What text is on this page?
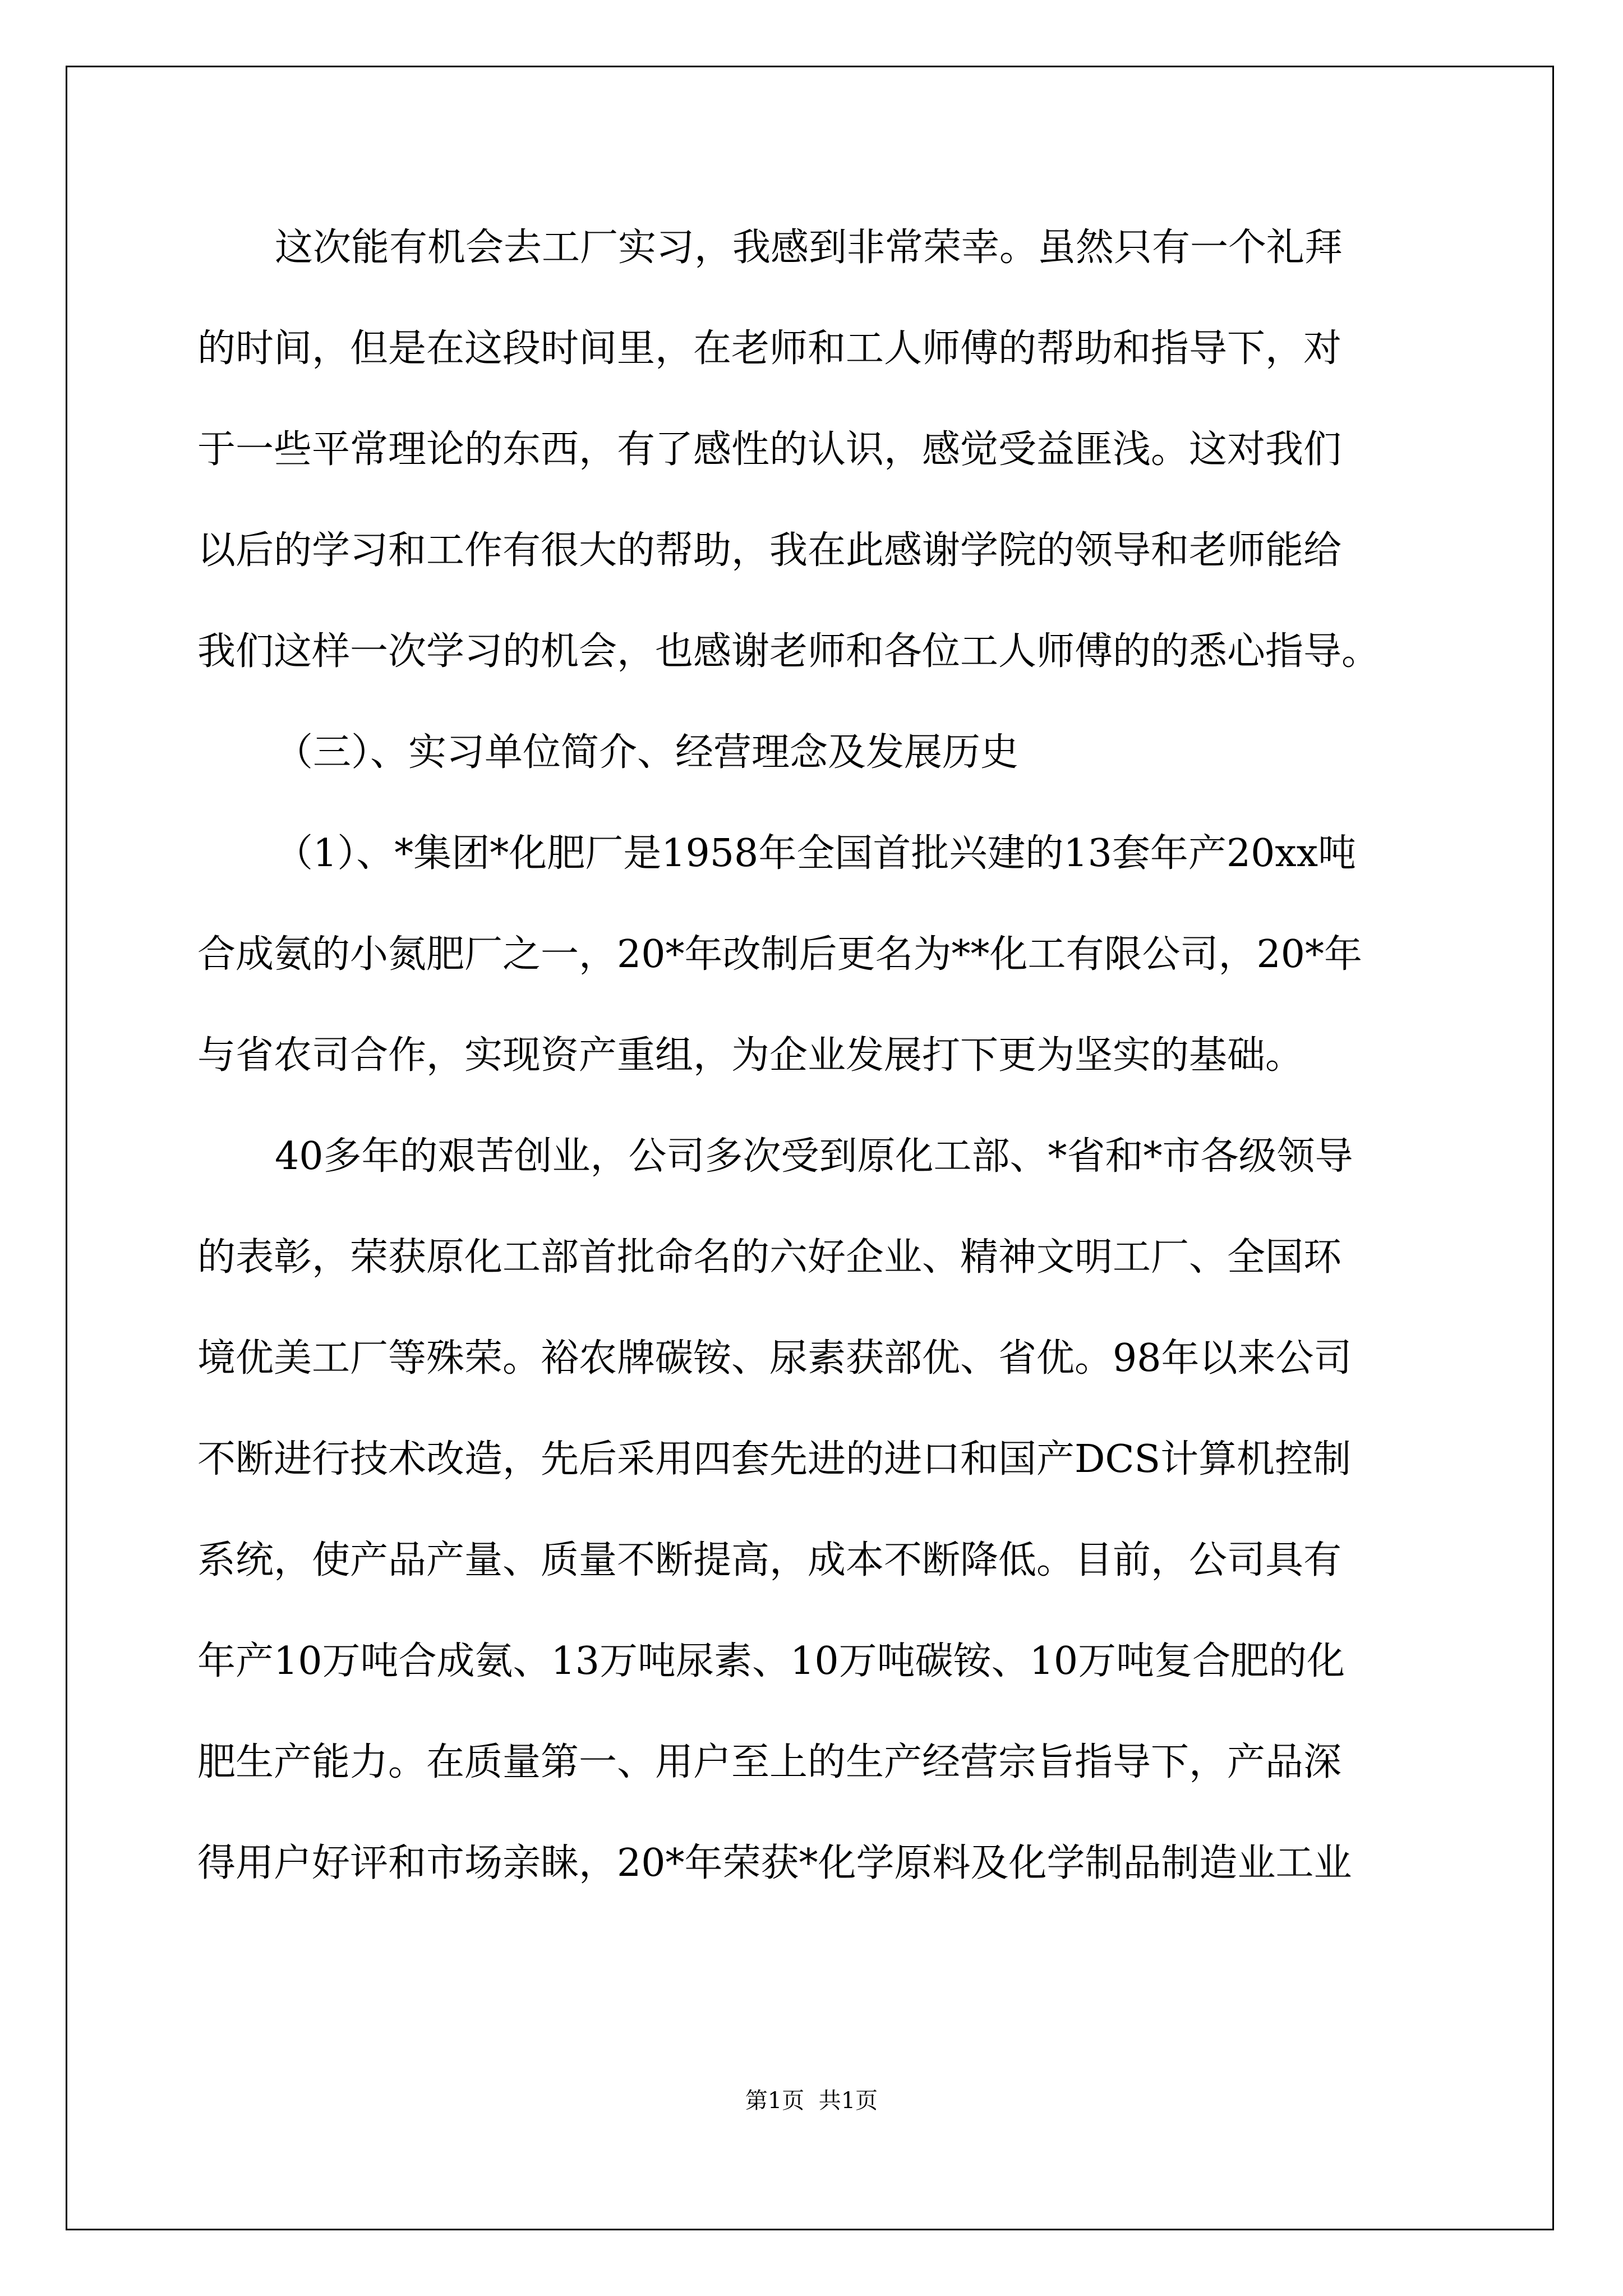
这次能有机会去工厂实习，我感到非常荣幸。虽然只有一个礼拜
的时间，但是在这段时间里，在老师和工人师傅的帮助和指导下，对
于一些平常理论的东西，有了感性的认识，感觉受益匪浅。这对我们
以后的学习和工作有很大的帮助，我在此感谢学院的领导和老师能给
我们这样一次学习的机会，也感谢老师和各位工人师傅的的悉心指导。
（三）、实习单位简介、经营理念及发展历史
（1）、*集团*化肥厂是1958年全国首批兴建的13套年产20xx吨
合成氨的小氮肥厂之一，20*年改制后更名为**化工有限公司，20*年
与省农司合作，实现资产重组，为企业发展打下更为坚实的基础。
40多年的艰苦创业，公司多次受到原化工部、*省和*市各级领导
的表彰，荣获原化工部首批命名的六好企业、精神文明工厂、全国环
境优美工厂等殊荣。裕农牌碳铵、尿素获部优、省优。98年以来公司
不断进行技术改造，先后采用四套先进的进口和国产DCS计算机控制
系统，使产品产量、质量不断提高，成本不断降低。目前，公司具有
年产10万吨合成氨、13万吨尿素、10万吨碳铵、10万吨复合肥的化
肥生产能力。在质量第一、用户至上的生产经营宗旨指导下，产品深
得用户好评和市场亲睐，20*年荣获*化学原料及化学制品制造业工业
第1页  共1页
